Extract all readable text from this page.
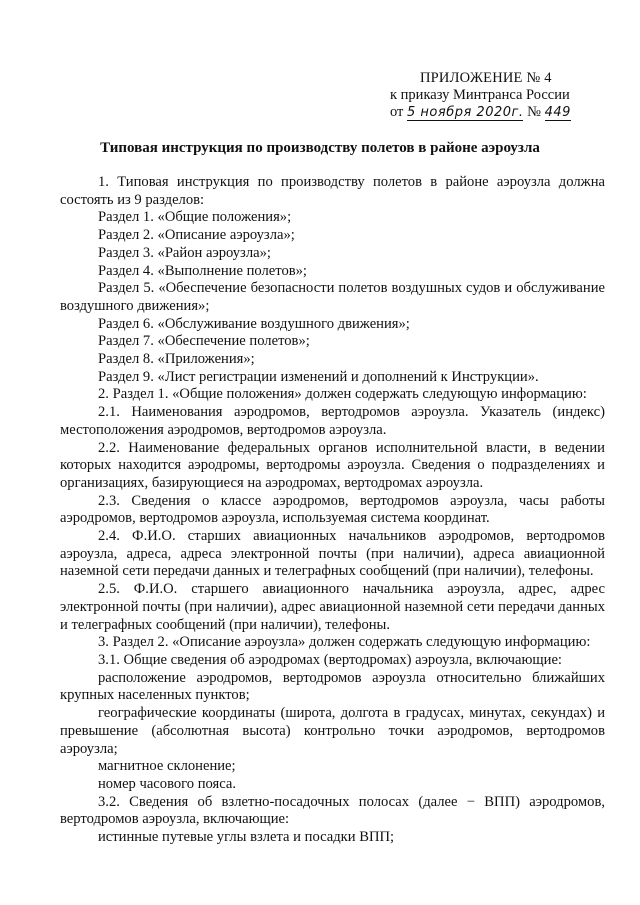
ПРИЛОЖЕНИЕ № 4
к приказу Минтранса России
от 5 ноября 2020г. № 449
Типовая инструкция по производству полетов в районе аэроузла

1. Типовая инструкция по производству полетов в районе аэроузла должна состоять из 9 разделов:

Раздел 1. «Общие положения»;

Раздел 2. «Описание аэроузла»;

Раздел 3. «Район аэроузла»;

Раздел 4. «Выполнение полетов»;

Раздел 5. «Обеспечение безопасности полетов воздушных судов и обслуживание воздушного движения»;

Раздел 6. «Обслуживание воздушного движения»;

Раздел 7. «Обеспечение полетов»;

Раздел 8. «Приложения»;

Раздел 9. «Лист регистрации изменений и дополнений к Инструкции».

2. Раздел 1. «Общие положения» должен содержать следующую информацию:

2.1. Наименования аэродромов, вертодромов аэроузла. Указатель (индекс) местоположения аэродромов, вертодромов аэроузла.

2.2. Наименование федеральных органов исполнительной власти, в ведении которых находится аэродромы, вертодромы аэроузла. Сведения о подразделениях и организациях, базирующиеся на аэродромах, вертодромах аэроузла.

2.3. Сведения о классе аэродромов, вертодромов аэроузла, часы работы аэродромов, вертодромов аэроузла, используемая система координат.

2.4. Ф.И.О. старших авиационных начальников аэродромов, вертодромов аэроузла, адреса, адреса электронной почты (при наличии), адреса авиационной наземной сети передачи данных и телеграфных сообщений (при наличии), телефоны.

2.5. Ф.И.О. старшего авиационного начальника аэроузла, адрес, адрес электронной почты (при наличии), адрес авиационной наземной сети передачи данных и телеграфных сообщений (при наличии), телефоны.

3. Раздел 2. «Описание аэроузла» должен содержать следующую информацию:

3.1. Общие сведения об аэродромах (вертодромах) аэроузла, включающие:

расположение аэродромов, вертодромов аэроузла относительно ближайших крупных населенных пунктов;

географические координаты (широта, долгота в градусах, минутах, секундах) и превышение (абсолютная высота) контрольно точки аэродромов, вертодромов аэроузла;

магнитное склонение;

номер часового пояса.

3.2. Сведения об взлетно-посадочных полосах (далее − ВПП) аэродромов, вертодромов аэроузла, включающие:

истинные путевые углы взлета и посадки ВПП;
